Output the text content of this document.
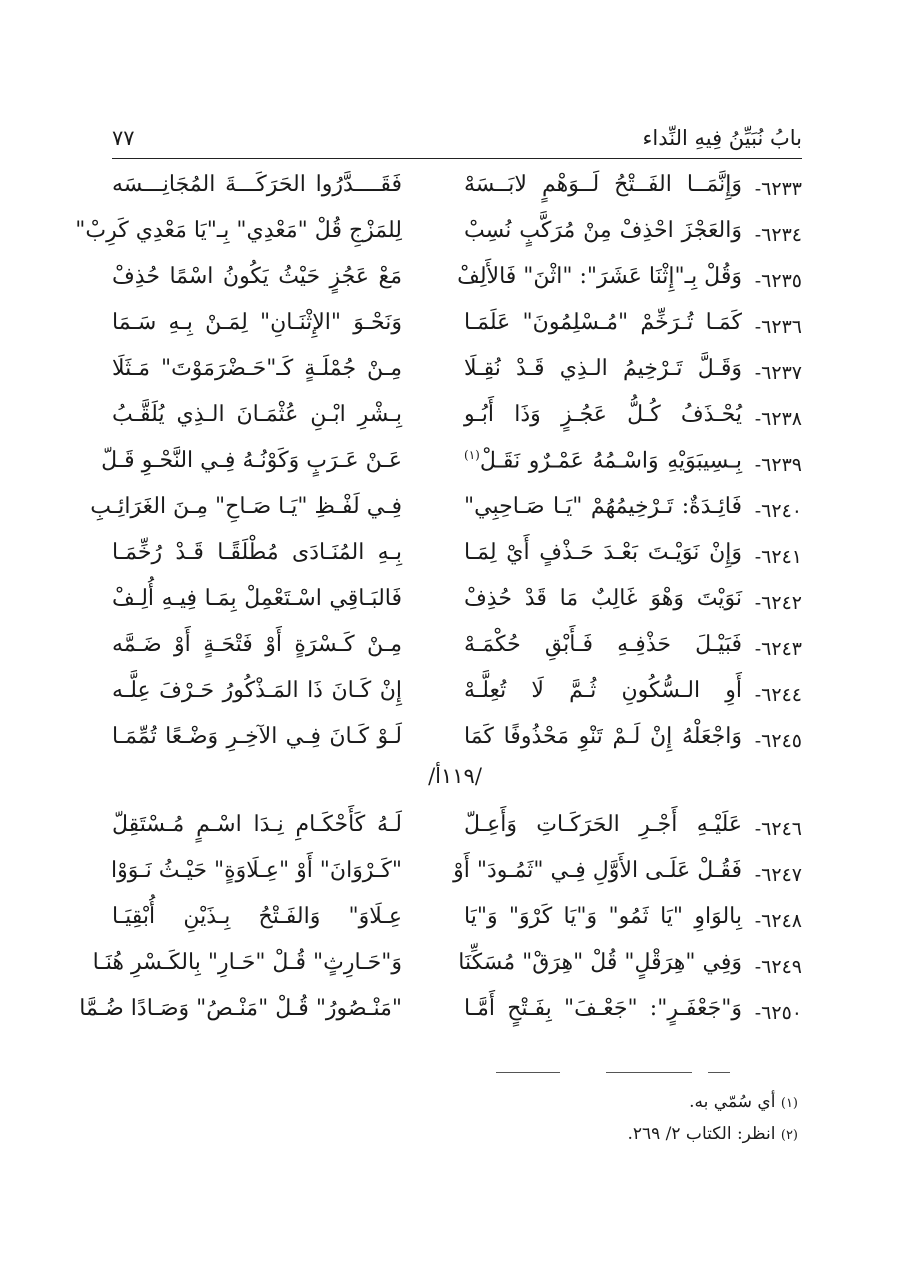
بابُ نُبَيِّنُ فِيهِ النِّداء
٧٧
٦٢٣٣-
وَإِنَّمَــا الفَــتْحُ لَــوَهْمٍ لابَــسَهْ
فَقَــــدَّرُوا الحَرَكَـــةَ المُجَانِـــسَه
٦٢٣٤-
وَالعَجْزَ احْذِفْ مِنْ مُرَكَّبٍ نُسِبْ
لِلمَزْجِ قُلْ "مَعْدِي" بِـ"يَا مَعْدِي كَرِبْ"
٦٢٣٥-
وَقُلْ بِـ"إِثْنَا عَشَرَ": "اثْنَ" فَالأَلِفْ
مَعْ عَجُزٍ حَيْثُ يَكُونُ اسْمًا حُذِفْ
٦٢٣٦-
كَمَـا تُـرَخِّمْ "مُـسْلِمُونَ" عَلَمَـا
وَنَحْـوَ "الإِثْنَـانِ" لِمَـنْ بِـهِ سَـمَا
٦٢٣٧-
وَقَـلَّ تَـرْخِيمُ الـذِي قَـدْ نُقِـلَا
مِـنْ جُمْلَـةٍ كَـ"حَـضْرَمَوْتَ" مَـثَلَا
٦٢٣٨-
يُحْـذَفُ كُـلُّ عَجُـزٍ وَذَا أَبُـو
بِـشْرِ ابْـنِ عُثْمَـانَ الـذِي يُلَقَّـبُ
٦٢٣٩-
بِـسِيبَوَيْهِ وَاسْـمُهُ عَمْـرٌو نَقَـلْ$^{(١)}$
عَـنْ عَـرَبٍ وَكَوْنُـهُ فِـي النَّحْـوِ قَـلّ
٦٢٤٠-
فَائِـدَةٌ: تَـرْخِيمُهُمْ "يَـا صَـاحِبِي"
فِـي لَفْـظِ "يَـا صَـاحِ" مِـنَ الغَرَائِـبِ
٦٢٤١-
وَإِنْ نَوَيْـتَ بَعْـدَ حَـذْفٍ أَيْ لِمَـا
بِـهِ المُنَـادَى مُطْلَقًـا قَـدْ رُخِّمَـا
٦٢٤٢-
نَوَيْتَ وَهْوَ غَالِبٌ مَا قَدْ حُذِفْ
فَالبَـاقِي اسْـتَعْمِلْ بِمَـا فِيـهِ أُلِـفْ
٦٢٤٣-
فَبَيْـلَ حَذْفِـهِ فَـأَبْقِ حُكْمَـهْ
مِـنْ كَـسْرَةٍ أَوْ فَتْحَـةٍ أَوْ ضَـمَّه
٦٢٤٤-
أَوِ الـسُّكُونِ ثُـمَّ لَا تُعِلَّـهْ
إِنْ كَـانَ ذَا المَـذْكُورُ حَـرْفَ عِلَّـه
٦٢٤٥-
وَاجْعَلْهُ إِنْ لَـمْ تَنْوِ مَحْذُوفًا كَمَا
لَـوْ كَـانَ فِـي الآخِـرِ وَضْـعًا تُمِّمَـا
/١١٩أ/
٦٢٤٦-
عَلَيْـهِ أَجْـرِ الحَرَكَـاتِ وَأَعِـلّ
لَـهُ كَأَحْكَـامِ نِـدَا اسْـمٍ مُـسْتَقِلّ
٦٢٤٧-
فَقُـلْ عَلَـى الأَوَّلِ فِـي "ثَمُـودَ" أَوْ
"كَـرْوَانَ" أَوْ "عِـلَاوَةٍ" حَيْـثُ نَـوَوْا
٦٢٤٨-
بِالوَاوِ "يَا ثَمُو" وَ"يَا كَرْوَ" وَ"يَا
عِـلَاوَ" وَالفَـتْحُ بِـذَيْنِ أُبْقِيَـا
٦٢٤٩-
وَفِي "هِرَقْلٍ" قُلْ "هِرَقْ" مُسَكِّنَا
وَ"حَـارِثٍ" قُـلْ "حَـارِ" بِالكَـسْرِ هُنَـا
٦٢٥٠-
وَ"جَعْفَـرٍ": "جَعْـفَ" بِفَـتْحٍ أَمَّـا
"مَنْـصُورُ" قُـلْ "مَنْـصُ" وَصَـادًا ضُـمَّا
(١) أي سُمّي به.
(٢) انظر: الكتاب ٢/ ٢٦٩.
